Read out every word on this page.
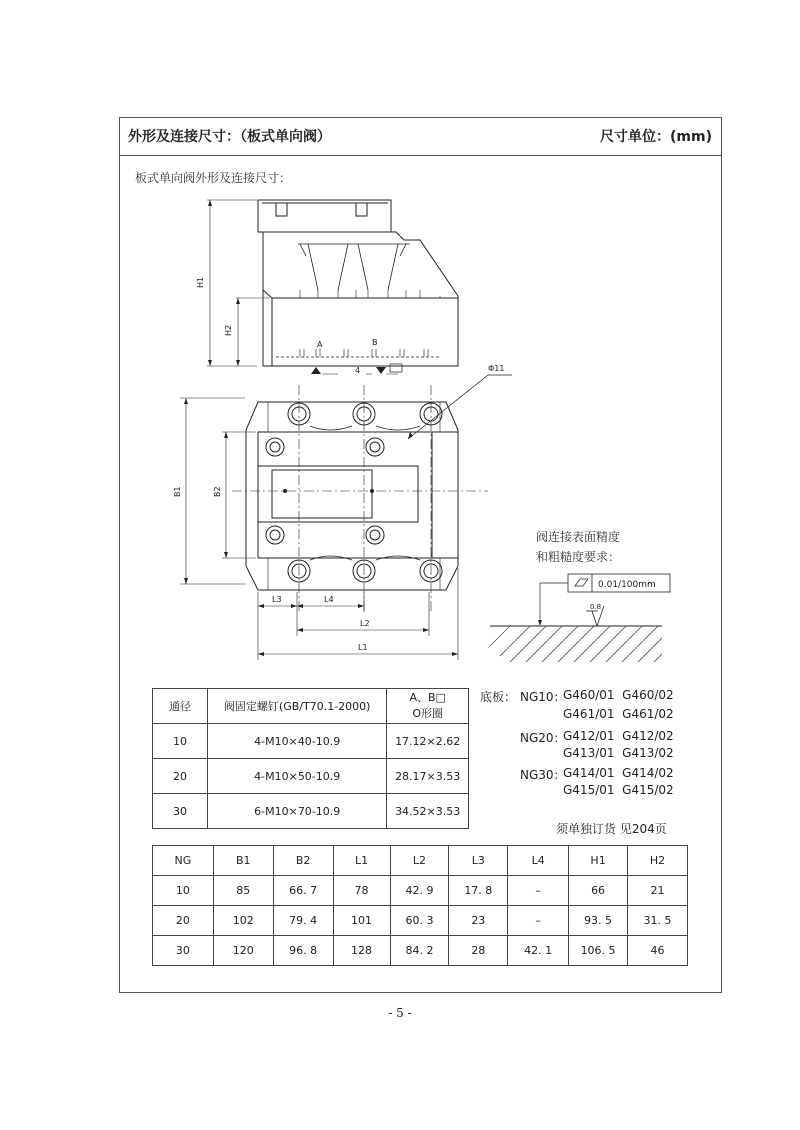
外形及连接尺寸：（板式单向阀）	尺寸单位：(mm)
板式单向阀外形及连接尺寸：
H1
H2
A	B
4	Φ11
B1	B2
L3	L4
L2
L1
0.01/100mm
0.8
阀连接表面精度
和粗糙度要求：
通径	阀固定螺钉(GB/T70.1-2000)	A、B□
O形圈

10	4-M10×40-10.9	17.12×2.62
20	4-M10×50-10.9	28.17×3.53
30	6-M10×70-10.9	34.52×3.53
底板： NG10：
G460/01  G460/02
G461/01  G461/02
NG20：
G412/01  G412/02
G413/01  G413/02
NG30：
G414/01  G414/02
G415/01  G415/02
须单独订货 见204页
NG	B1	B2	L1	L2	L3	L4	H1	H2
10	85	66. 7	78	42. 9	17. 8	–	66	21
20	102	79. 4	101	60. 3	23	–	93. 5	31. 5
30	120	96. 8	128	84. 2	28	42. 1	106. 5	46
- 5 -
